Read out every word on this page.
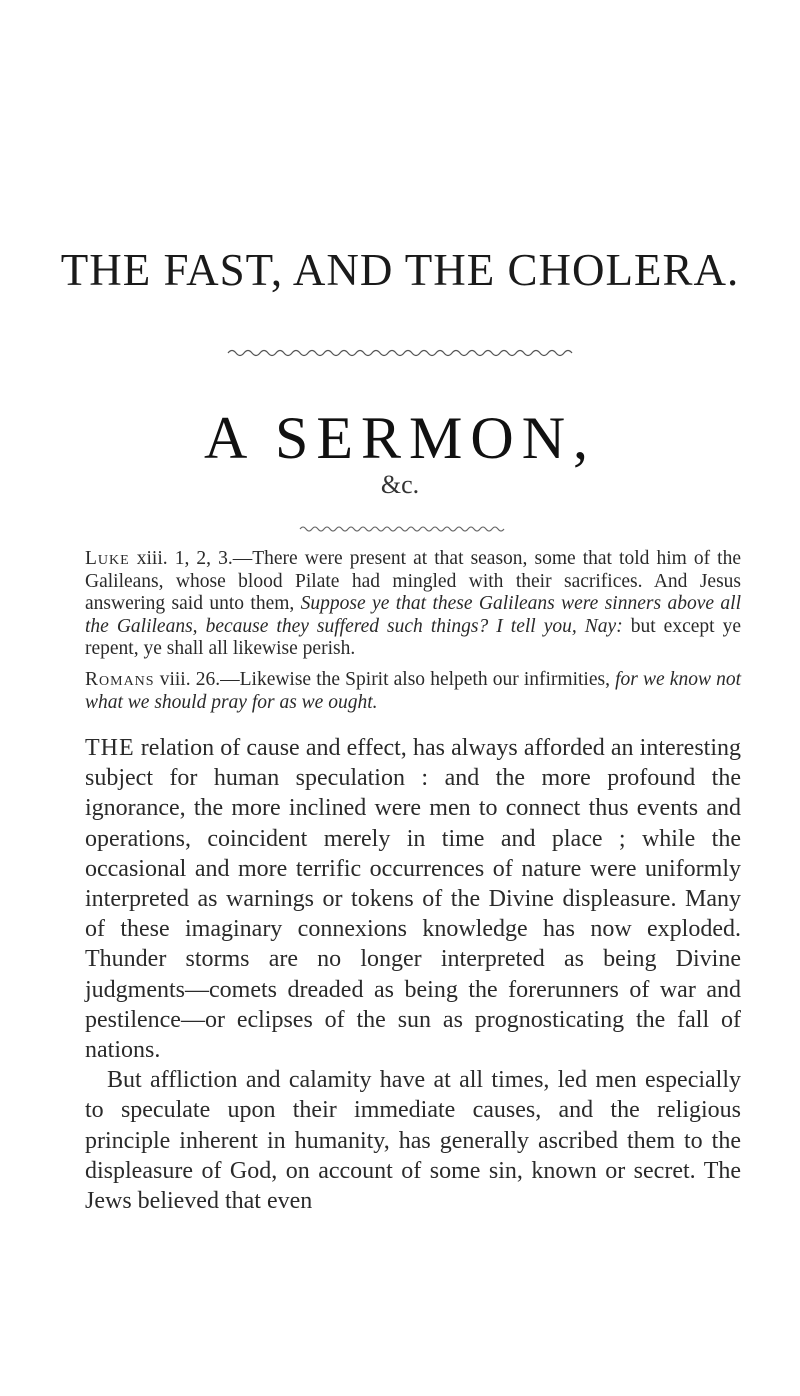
THE FAST, AND THE CHOLERA.
A SERMON,
&c.
Luke xiii. 1, 2, 3.—There were present at that season, some that told him of the Galileans, whose blood Pilate had mingled with their sacrifices. And Jesus answering said unto them, Suppose ye that these Galileans were sinners above all the Galileans, because they suffered such things? I tell you, Nay: but except ye repent, ye shall all likewise perish.
Romans viii. 26.—Likewise the Spirit also helpeth our infirmities, for we know not what we should pray for as we ought.

THE relation of cause and effect, has always afforded an interesting subject for human speculation : and the more profound the ignorance, the more inclined were men to connect thus events and operations, coincident merely in time and place ; while the occasional and more terrific occurrences of nature were uniformly interpreted as warnings or tokens of the Divine displeasure. Many of these imaginary connexions knowledge has now exploded. Thunder storms are no longer interpreted as being Divine judgments—comets dreaded as being the forerunners of war and pestilence—or eclipses of the sun as prognosticating the fall of nations.

But affliction and calamity have at all times, led men especially to speculate upon their immediate causes, and the religious principle inherent in humanity, has generally ascribed them to the displeasure of God, on account of some sin, known or secret. The Jews believed that even
